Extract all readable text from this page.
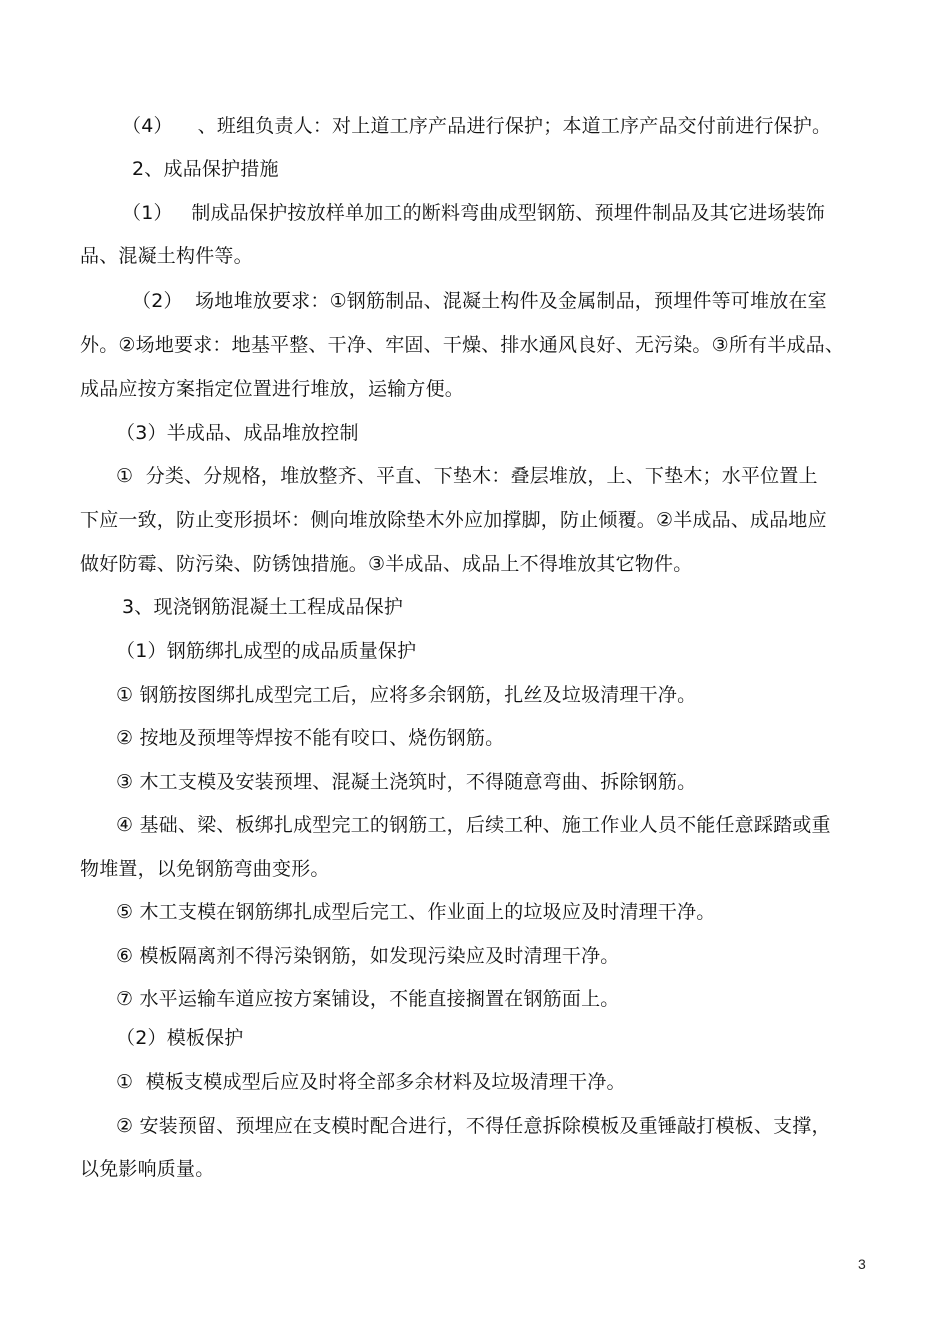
（4）    、班组负责人：对上道工序产品进行保护；本道工序产品交付前进行保护。
2、成品保护措施
（1）   制成品保护按放样单加工的断料弯曲成型钢筋、预埋件制品及其它进场装饰
品、混凝土构件等。
（2）  场地堆放要求：①钢筋制品、混凝土构件及金属制品，预埋件等可堆放在室
外。②场地要求：地基平整、干净、牢固、干燥、排水通风良好、无污染。③所有半成品、
成品应按方案指定位置进行堆放，运输方便。
（3）半成品、成品堆放控制
①  分类、分规格，堆放整齐、平直、下垫木：叠层堆放，上、下垫木；水平位置上
下应一致，防止变形损坏：侧向堆放除垫木外应加撑脚，防止倾覆。②半成品、成品地应
做好防霉、防污染、防锈蚀措施。③半成品、成品上不得堆放其它物件。
3、现浇钢筋混凝土工程成品保护
（1）钢筋绑扎成型的成品质量保护
① 钢筋按图绑扎成型完工后，应将多余钢筋，扎丝及垃圾清理干净。
② 按地及预埋等焊按不能有咬口、烧伤钢筋。
③ 木工支模及安装预埋、混凝土浇筑时，不得随意弯曲、拆除钢筋。
④ 基础、梁、板绑扎成型完工的钢筋工，后续工种、施工作业人员不能任意踩踏或重
物堆置，以免钢筋弯曲变形。
⑤ 木工支模在钢筋绑扎成型后完工、作业面上的垃圾应及时清理干净。
⑥ 模板隔离剂不得污染钢筋，如发现污染应及时清理干净。
⑦ 水平运输车道应按方案铺设，不能直接搁置在钢筋面上。
（2）模板保护
①  模板支模成型后应及时将全部多余材料及垃圾清理干净。
② 安装预留、预埋应在支模时配合进行，不得任意拆除模板及重锤敲打模板、支撑，
以免影响质量。
3
